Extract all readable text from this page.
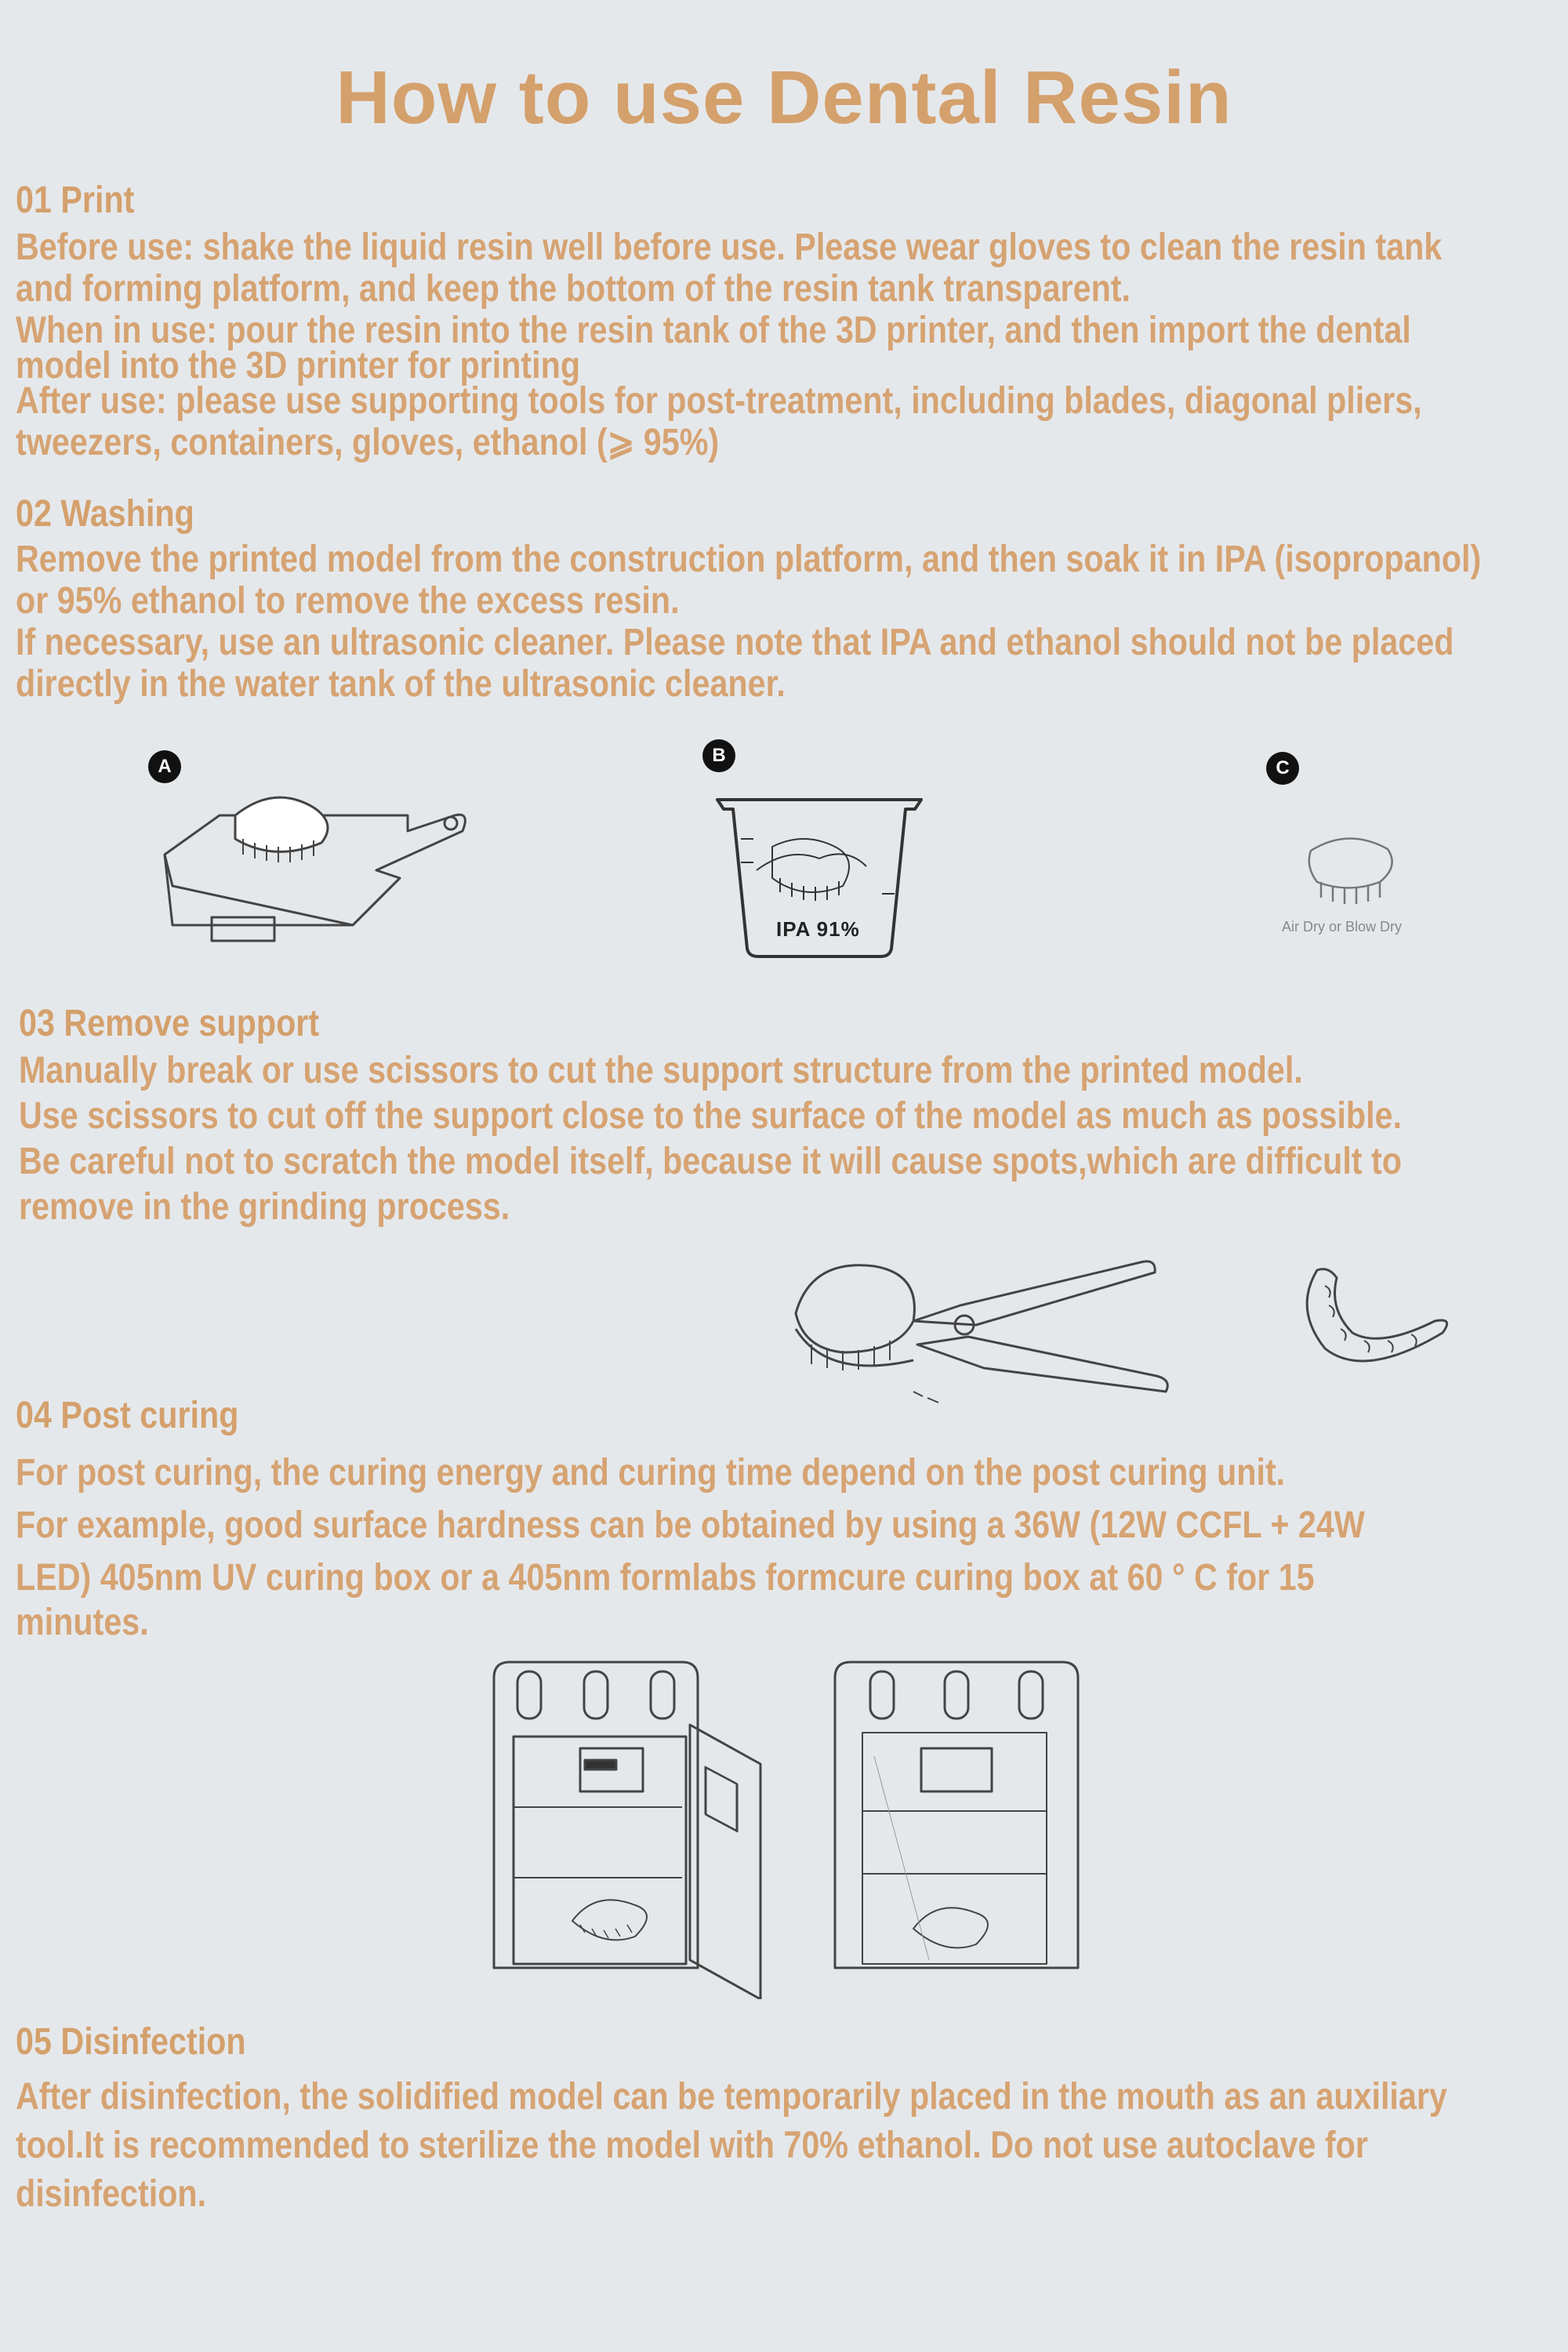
How to use Dental Resin
01 Print
Before use: shake the liquid resin well before use. Please wear gloves to clean the resin tank
and forming platform, and keep the bottom of the resin tank transparent.
When in use: pour the resin into the resin tank of the 3D printer, and then import the dental
model into the 3D printer for printing
After use: please use supporting tools for post-treatment, including blades, diagonal pliers,
tweezers, containers, gloves, ethanol (⩾ 95%)
02 Washing
Remove the printed model from the construction platform, and then soak it in IPA (isopropanol)
or 95% ethanol to remove the excess resin.
If necessary, use an ultrasonic cleaner. Please note that IPA and ethanol should not be placed
directly in the water tank of the ultrasonic cleaner.
A
B
IPA 91%
C
Air Dry or Blow Dry
03 Remove support
Manually break or use scissors to cut the support structure from the printed model.
Use scissors to cut off the support close to the surface of the model as much as possible.
Be careful not to scratch the model itself, because it will cause spots,which are difficult to
remove in the grinding process.
04 Post curing
For post curing, the curing energy and curing time depend on the post curing unit.
For example, good surface hardness can be obtained by using a 36W (12W CCFL + 24W
LED) 405nm UV curing box or a 405nm formlabs formcure curing box at 60 ° C for 15
minutes.
05 Disinfection
After disinfection, the solidified model can be temporarily placed in the mouth as an auxiliary
tool.It is recommended to sterilize the model with 70% ethanol. Do not use autoclave for
disinfection.
